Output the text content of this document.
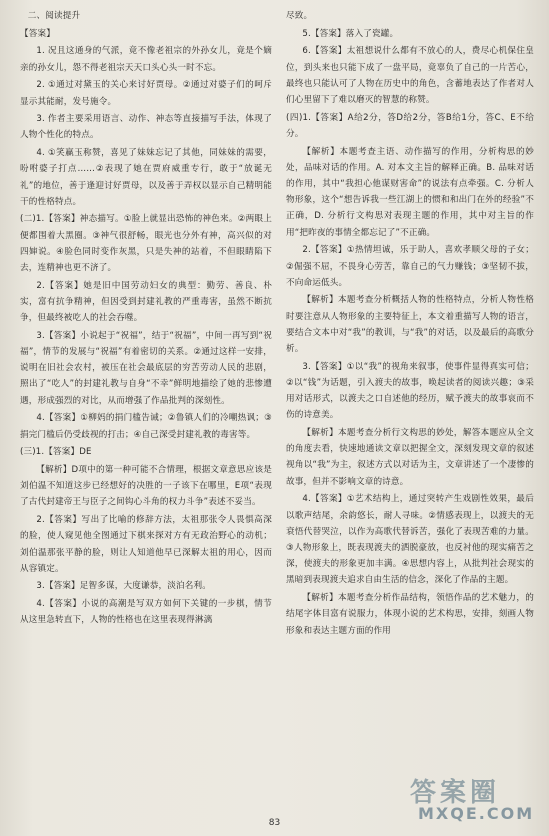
二、阅读提升

【答案】

1. 况且这通身的气派，竟不像老祖宗的外孙女儿，竟是个嫡亲的孙女儿，怨不得老祖宗天天口头心头一时不忘。

2. ①通过对黛玉的关心来讨好贾母。②通过对婆子们的呵斥显示其能耐，发号施令。

3. 作者主要采用语言、动作、神态等直接描写手法，体现了人物个性化的特点。

4. ①笑赢玉称赞，喜见了妹妹忘记了其他，同妹妹的需要，吩咐婆子打点……②表现了她在贾府威重专行，敢于“放诞无礼”的地位，善于逢迎讨好贾母，以及善于弄权以显示自己精明能干的性格特点。

(二)1.【答案】神态描写。①脸上就显出恐怖的神色来。②两眼上便都围着大黑圈。③神气很舒畅，眼光也分外有神，高兴似的对四婶说。④脸色同时变作灰黑，只是失神的站着，不但眼睛陷下去，连精神也更不济了。

2.【答案】她是旧中国劳动妇女的典型：勤劳、善良、朴实，富有抗争精神，但因受到封建礼教的严重毒害，虽然不断抗争，但最终被吃人的社会吞噬。

3.【答案】小说起于“祝福”，结于“祝福”，中间一再写到“祝福”，情节的发展与“祝福”有着密切的关系。②通过这样一安排，说明在旧社会农村，被压在社会最底层的穷苦劳动人民的悲剧，照出了“吃人”的封建礼教与自身“不幸”鲜明地描绘了她的悲惨遭遇，形成强烈的对比，从而增强了作品批判的深刻性。

4.【答案】①柳妈的捐门槛告诫；②鲁镇人们的冷嘲热讽；③捐完门槛后仍受歧视的打击；④自己深受封建礼教的毒害等。

(三)1.【答案】DE

【解析】D项中的第一种可能不合情理，根据文章意思应该是刘伯温不知道这步已经想好的决胜的一子该下在哪里，E项“表现了古代封建帝王与臣子之间钩心斗角的权力斗争”表述不妥当。

2.【答案】写出了比喻的修辞方法，太祖那张令人畏惧高深的脸，使人窥见他全图通过下棋来探对方有无政治野心的动机；刘伯温那张平静的脸，则让人知道他早已深解太祖的用心，因而从容镇定。

3.【答案】足智多谋，大度谦恭，淡泊名利。

4.【答案】小说的高潮是写双方如何下关键的一步棋，情节从这里急转直下，人物的性格也在这里表现得淋漓

尽致。

5.【答案】落入了瓷罐。

6.【答案】太祖想说什么都有不放心的人，费尽心机保住皇位，到头来也只能下成了一盘平局，竟辜负了自己的一片苦心，最终也只能认可了人物在历史中的角色，含蓄地表达了作者对人们心里留下了难以磨灭的智慧的称赞。

(四)1.【答案】A给2分，答D给2分，答B给1分，答C、E不给分。

【解析】本题考查主语、动作描写的作用，分析构思的妙处，品味对话的作用。A. 对本文主旨的解释正确。B. 品味对话的作用，其中“我担心他谋财害命”的说法有点牵强。C. 分析人物形象，这个“想告诉我一些江湖上的惯和和出门在外的经验”不正确，D. 分析行文构思对表现主题的作用，其中对主旨的作用“把昨夜的事情全都忘记了”不正确。

2.【答案】①热情坦诚，乐于助人，喜欢孝顺父母的子女；②倔强不屈，不畏身心劳苦，靠自己的气力赚钱；③坚韧不拔，不向命运低头。

【解析】本题考查分析概括人物的性格特点，分析人物性格时要注意从人物形象的主要特征上，本文着重描写人物的语言，要结合文本中对“我”的教训，与“我”的对话，以及最后的高歌分析。

3.【答案】①以“我”的视角来叙事，使事件显得真实可信；②以“钱”为话题，引入渡夫的故事，唤起读者的阅读兴趣；③采用对话形式，以渡夫之口自述他的经历，赋予渡夫的故事哀而不伤的诗意美。

【解析】本题考查分析行文构思的妙处，解答本题应从全文的角度去看，快速地通读文章以把握全文，深刻发现文章的叙述视角以“我”为主，叙述方式以对话为主，文章讲述了一个凄惨的故事，但并不影响文章的诗意。

4.【答案】①艺术结构上，通过突转产生戏剧性效果，最后以歌声结尾，余韵悠长，耐人寻味。②情感表现上，以渡夫的无衰悟代替哭泣，以作为高歌代替诉苦，强化了表现苦难的力量。③人物形象上，既表现渡夫的洒脱豪放，也反衬他的现实痛苦之深，使渡夫的形象更加丰满。④思想内容上，从批判社会现实的黑暗到表现渡夫追求自由生活的信念，深化了作品的主题。

【解析】本题考查分析作品结构，领悟作品的艺术魅力，的结尾字体目富有说服力，体现小说的艺术构思，安排，刻画人物形象和表达主题方面的作用

答案圈
MXQE.COM
83
